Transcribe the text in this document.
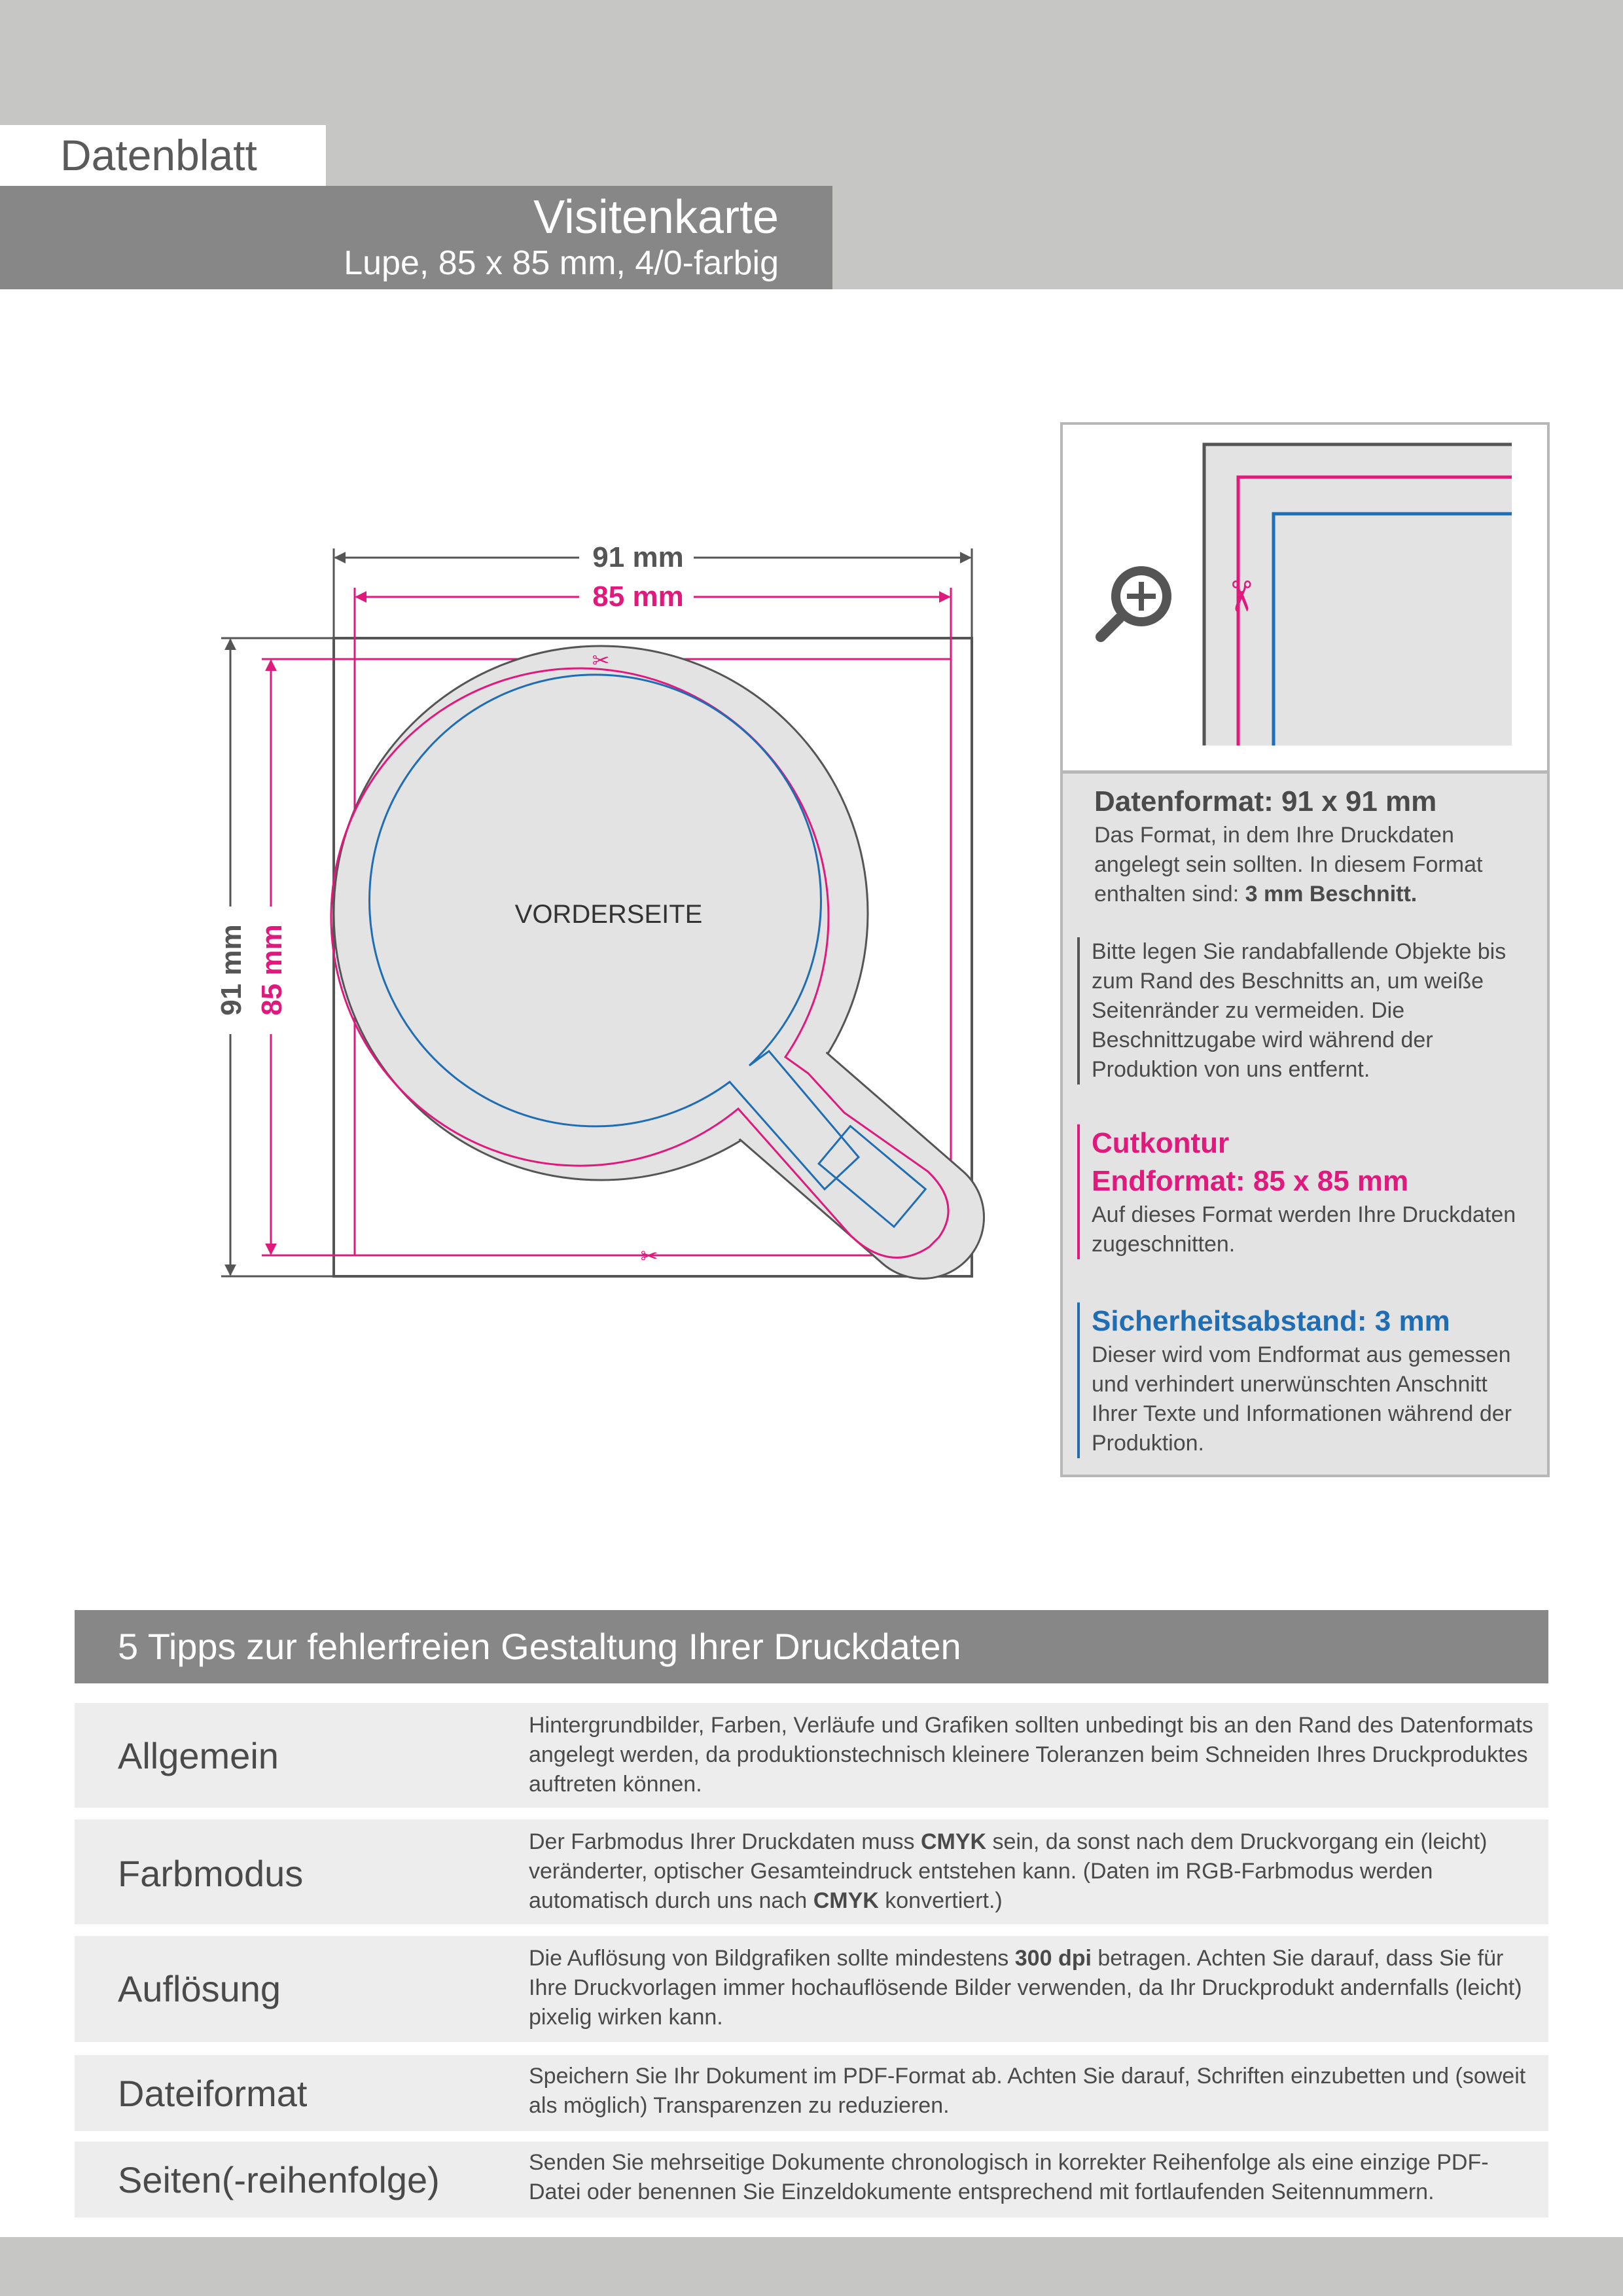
Datenblatt
Visitenkarte
Lupe, 85 x 85 mm, 4/0-farbig
✂
✂
VORDERSEITE
91 mm
85 mm
91 mm 85 mm
✂
Datenformat: 91 x 91 mm
Das Format, in dem Ihre Druckdaten angelegt sein sollten. In diesem Format enthalten sind: 3 mm Beschnitt.
Bitte legen Sie randabfallende Objekte bis zum Rand des Beschnitts an, um weiße Seitenränder zu vermeiden. Die Beschnittzugabe wird während der Produktion von uns entfernt.
Cutkontur
Endformat: 85 x 85 mm
Auf dieses Format werden Ihre Druckdaten zugeschnitten.
Sicherheitsabstand: 3 mm
Dieser wird vom Endformat aus gemessen und verhindert unerwünschten Anschnitt Ihrer Texte und Informationen während der Produktion.
5 Tipps zur fehlerfreien Gestaltung Ihrer Druckdaten
Allgemein
Hintergrundbilder, Farben, Verläufe und Grafiken sollten unbedingt bis an den Rand des Datenformats angelegt werden, da produktionstechnisch kleinere Toleranzen beim Schneiden Ihres Druckproduktes auftreten können.
Farbmodus
Der Farbmodus Ihrer Druckdaten muss CMYK sein, da sonst nach dem Druckvorgang ein (leicht) veränderter, optischer Gesamteindruck entstehen kann. (Daten im RGB-Farbmodus werden automatisch durch uns nach CMYK konvertiert.)
Auflösung
Die Auflösung von Bildgrafiken sollte mindestens 300 dpi betragen. Achten Sie darauf, dass Sie für Ihre Druckvorlagen immer hochauflösende Bilder verwenden, da Ihr Druckprodukt andernfalls (leicht) pixelig wirken kann.
Dateiformat	Speichern Sie Ihr Dokument im PDF-Format ab. Achten Sie darauf, Schriften einzubetten und (soweit als möglich) Transparenzen zu reduzieren.
Seiten(-reihenfolge)	Senden Sie mehrseitige Dokumente chronologisch in korrekter Reihenfolge als eine einzige PDF-Datei oder benennen Sie Einzeldokumente entsprechend mit fortlaufenden Seitennummern.
